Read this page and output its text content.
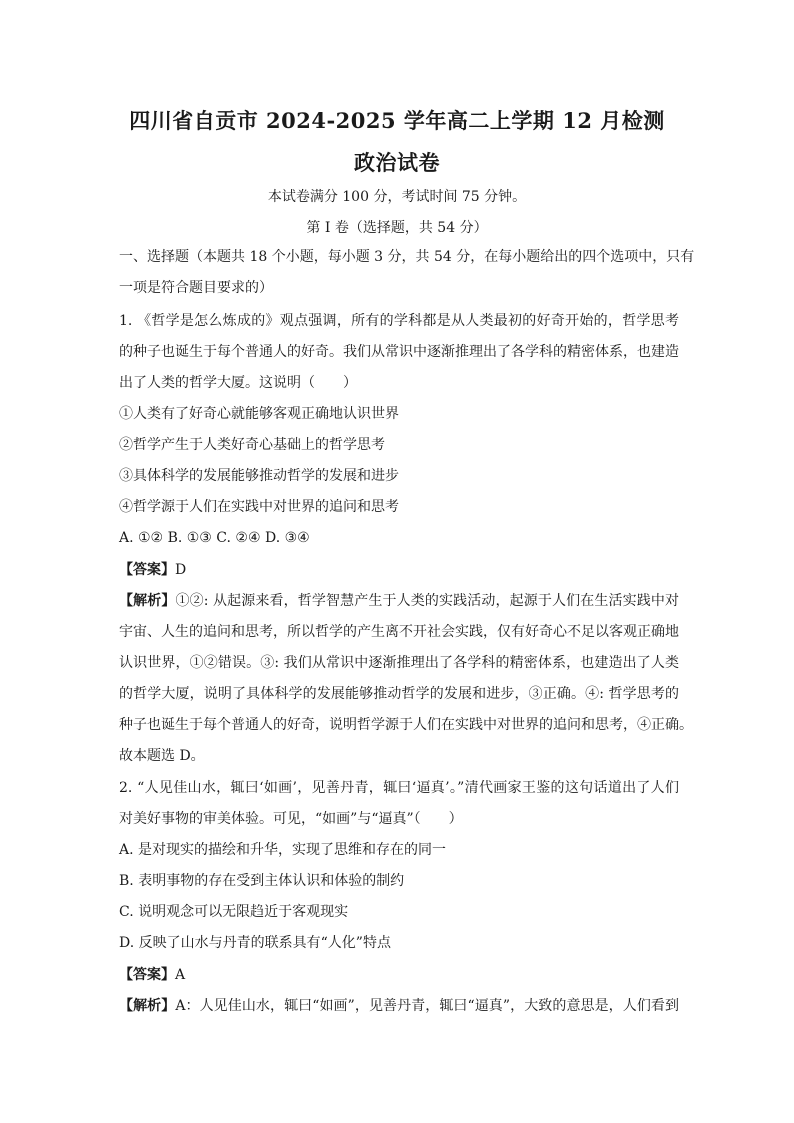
四川省自贡市 2024-2025 学年高二上学期 12 月检测
政治试卷
本试卷满分 100 分，考试时间 75 分钟。
第 I 卷（选择题，共 54 分）
一、选择题（本题共 18 个小题，每小题 3 分，共 54 分，在每小题给出的四个选项中，只有
一项是符合题目要求的）
1. 《哲学是怎么炼成的》观点强调，所有的学科都是从人类最初的好奇开始的，哲学思考
的种子也诞生于每个普通人的好奇。我们从常识中逐渐推理出了各学科的精密体系，也建造
出了人类的哲学大厦。这说明（　　）
①人类有了好奇心就能够客观正确地认识世界
②哲学产生于人类好奇心基础上的哲学思考
③具体科学的发展能够推动哲学的发展和进步
④哲学源于人们在实践中对世界的追问和思考
A. ①② B. ①③ C. ②④ D. ③④
【答案】D
【解析】①②: 从起源来看，哲学智慧产生于人类的实践活动，起源于人们在生活实践中对
宇宙、人生的追问和思考，所以哲学的产生离不开社会实践，仅有好奇心不足以客观正确地
认识世界，①②错误。③: 我们从常识中逐渐推理出了各学科的精密体系，也建造出了人类
的哲学大厦，说明了具体科学的发展能够推动哲学的发展和进步，③正确。④: 哲学思考的
种子也诞生于每个普通人的好奇，说明哲学源于人们在实践中对世界的追问和思考，④正确。
故本题选 D。
2. “人见佳山水，辄曰‘如画’，见善丹青，辄曰‘逼真’。”清代画家王鉴的这句话道出了人们
对美好事物的审美体验。可见，“如画”与“逼真”（　　）
A. 是对现实的描绘和升华，实现了思维和存在的同一
B. 表明事物的存在受到主体认识和体验的制约
C. 说明观念可以无限趋近于客观现实
D. 反映了山水与丹青的联系具有“人化”特点
【答案】A
【解析】A：人见佳山水，辄曰“如画”，见善丹青，辄曰“逼真”，大致的意思是，人们看到
